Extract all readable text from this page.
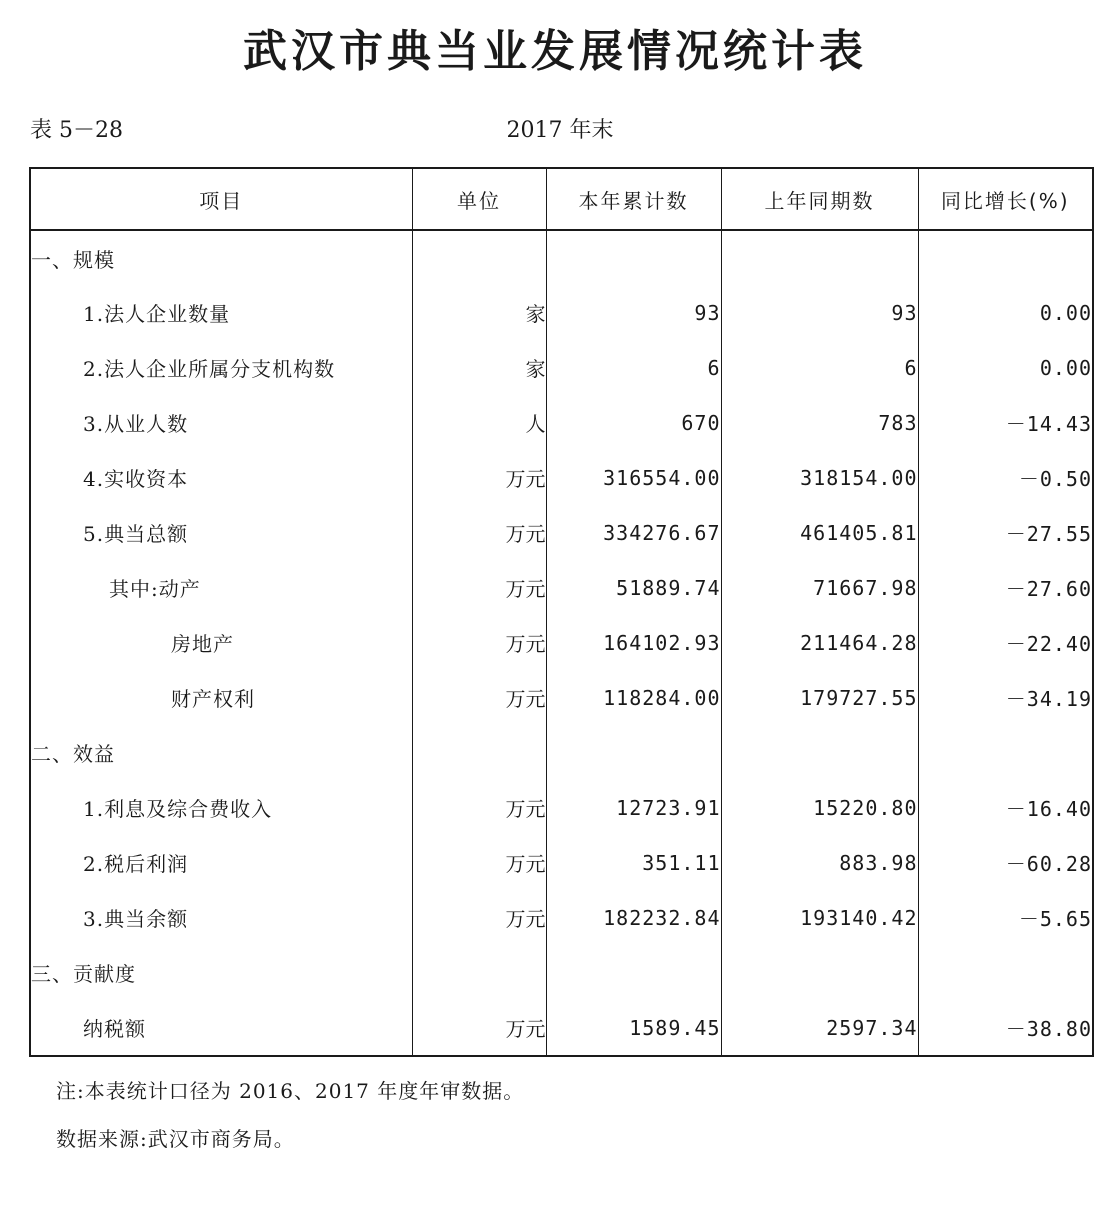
武汉市典当业发展情况统计表
表 5－28	2017 年末
项目	单位	本年累计数	上年同期数	同比增长(%)
一、规模				
1.法人企业数量	家	93	93	0.00
2.法人企业所属分支机构数	家	6	6	0.00
3.从业人数	人	670	783	－14.43
4.实收资本	万元	316554.00	318154.00	－0.50
5.典当总额	万元	334276.67	461405.81	－27.55
其中:动产	万元	51889.74	71667.98	－27.60
房地产	万元	164102.93	211464.28	－22.40
财产权利	万元	118284.00	179727.55	－34.19
二、效益				
1.利息及综合费收入	万元	12723.91	15220.80	－16.40
2.税后利润	万元	351.11	883.98	－60.28
3.典当余额	万元	182232.84	193140.42	－5.65
三、贡献度				
纳税额	万元	1589.45	2597.34	－38.80
注:本表统计口径为 2016、2017 年度年审数据。
数据来源:武汉市商务局。
